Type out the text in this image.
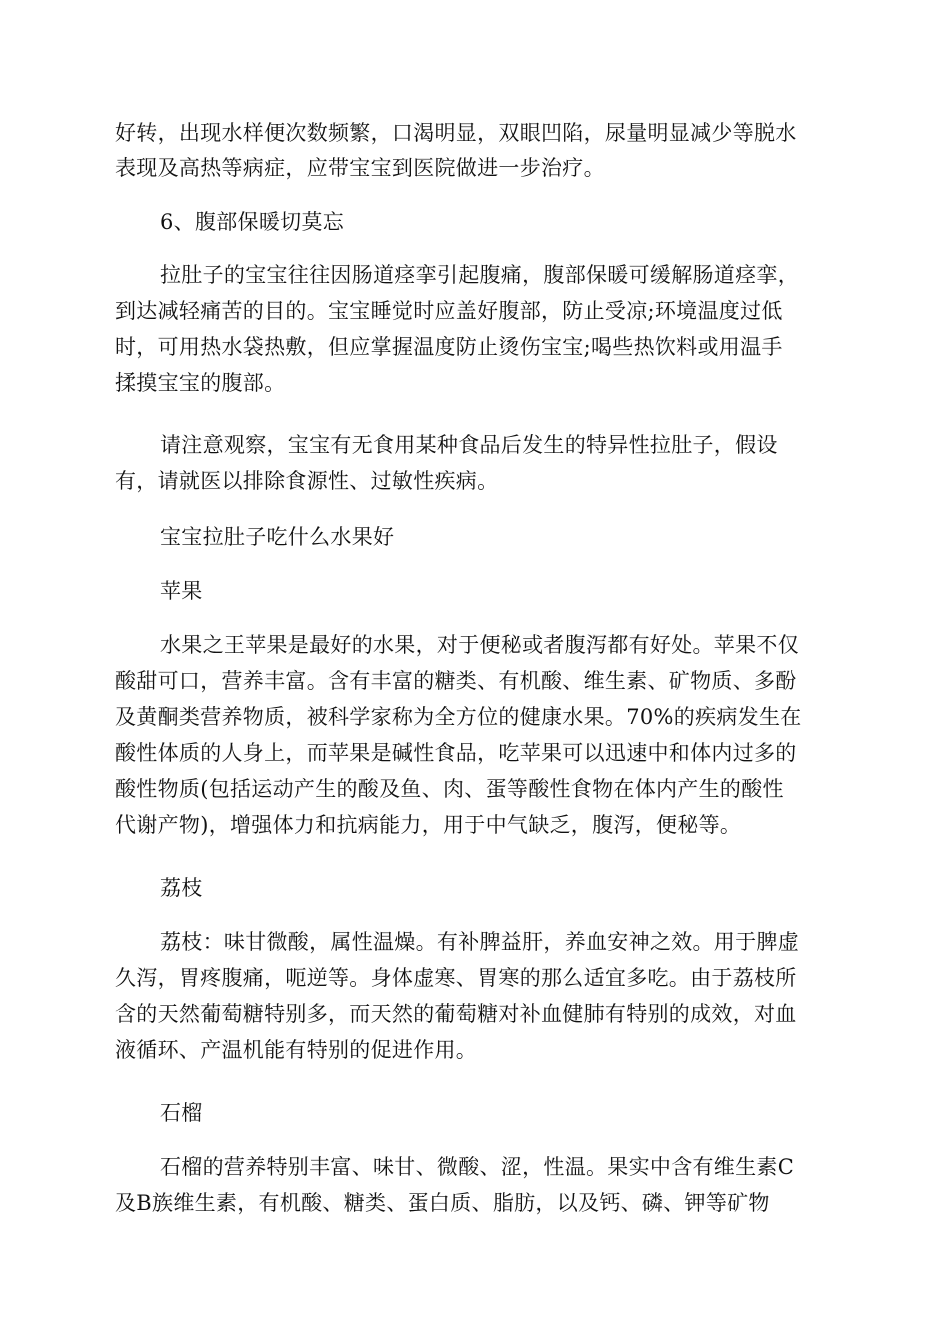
好转，出现水样便次数频繁，口渴明显，双眼凹陷，尿量明显减少等脱水
表现及高热等病症，应带宝宝到医院做进一步治疗。
6、腹部保暖切莫忘
拉肚子的宝宝往往因肠道痉挛引起腹痛，腹部保暖可缓解肠道痉挛，
到达减轻痛苦的目的。宝宝睡觉时应盖好腹部，防止受凉;环境温度过低
时，可用热水袋热敷，但应掌握温度防止烫伤宝宝;喝些热饮料或用温手
揉摸宝宝的腹部。
请注意观察，宝宝有无食用某种食品后发生的特异性拉肚子，假设
有，请就医以排除食源性、过敏性疾病。
宝宝拉肚子吃什么水果好
苹果
水果之王苹果是最好的水果，对于便秘或者腹泻都有好处。苹果不仅
酸甜可口，营养丰富。含有丰富的糖类、有机酸、维生素、矿物质、多酚
及黄酮类营养物质，被科学家称为全方位的健康水果。70%的疾病发生在
酸性体质的人身上，而苹果是碱性食品，吃苹果可以迅速中和体内过多的
酸性物质(包括运动产生的酸及鱼、肉、蛋等酸性食物在体内产生的酸性
代谢产物)，增强体力和抗病能力，用于中气缺乏，腹泻，便秘等。
荔枝
荔枝：味甘微酸，属性温燥。有补脾益肝，养血安神之效。用于脾虚
久泻，胃疼腹痛，呃逆等。身体虚寒、胃寒的那么适宜多吃。由于荔枝所
含的天然葡萄糖特别多，而天然的葡萄糖对补血健肺有特别的成效，对血
液循环、产温机能有特别的促进作用。
石榴
石榴的营养特别丰富、味甘、微酸、涩，性温。果实中含有维生素C
及B族维生素，有机酸、糖类、蛋白质、脂肪，以及钙、磷、钾等矿物
